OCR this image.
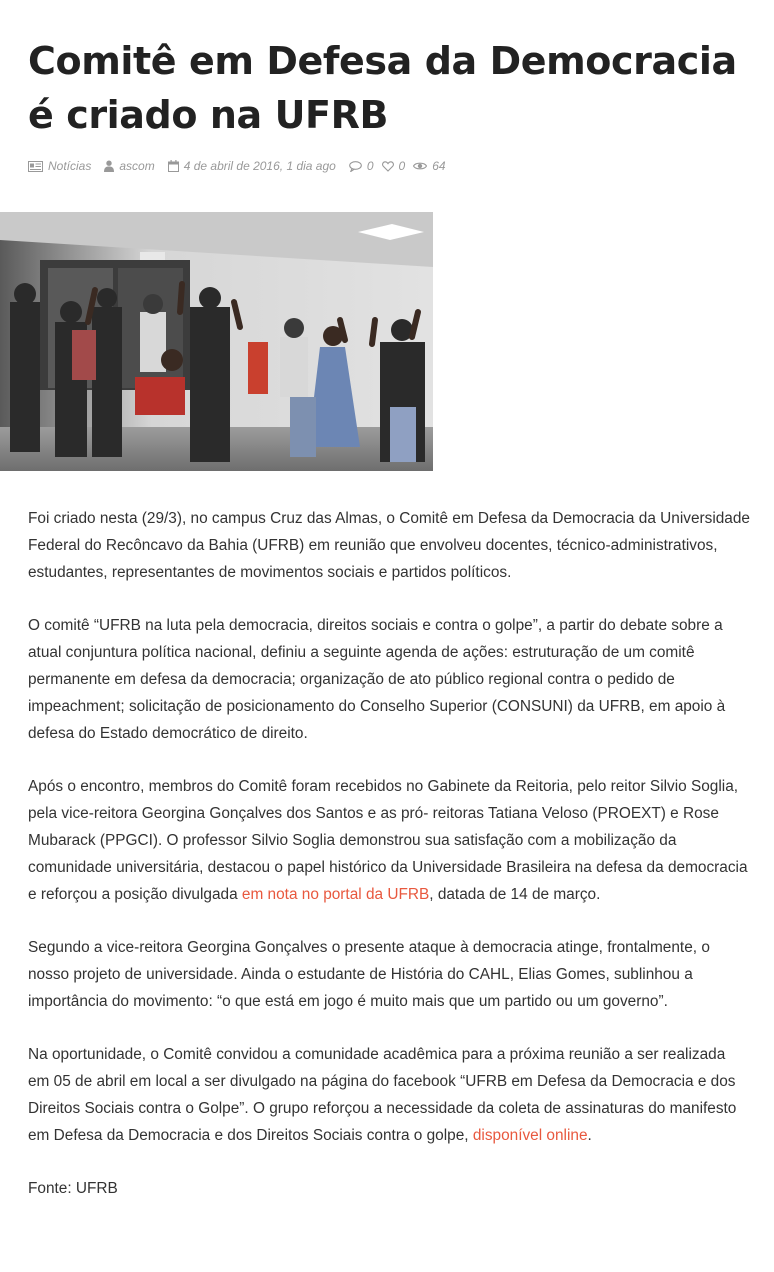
Comitê em Defesa da Democracia é criado na UFRB
Notícias ascom 4 de abril de 2016, 1 dia ago	0 0 64

Foi criado nesta (29/3), no campus Cruz das Almas, o Comitê em Defesa da Democracia da Universidade Federal do Recôncavo da Bahia (UFRB) em reunião que envolveu docentes, técnico-administrativos, estudantes, representantes de movimentos sociais e partidos políticos.

O comitê “UFRB na luta pela democracia, direitos sociais e contra o golpe”, a partir do debate sobre a atual conjuntura política nacional, definiu a seguinte agenda de ações: estruturação de um comitê permanente em defesa da democracia; organização de ato público regional contra o pedido de impeachment; solicitação de posicionamento do Conselho Superior (CONSUNI) da UFRB, em apoio à defesa do Estado democrático de direito.

Após o encontro, membros do Comitê foram recebidos no Gabinete da Reitoria, pelo reitor Silvio Soglia, pela vice-reitora Georgina Gonçalves dos Santos e as pró- reitoras Tatiana Veloso (PROEXT) e Rose Mubarack (PPGCI). O professor Silvio Soglia demonstrou sua satisfação com a mobilização da comunidade universitária, destacou o papel histórico da Universidade Brasileira na defesa da democracia e reforçou a posição divulgada em nota no portal da UFRB, datada de 14 de março.

Segundo a vice-reitora Georgina Gonçalves o presente ataque à democracia atinge, frontalmente, o nosso projeto de universidade. Ainda o estudante de História do CAHL, Elias Gomes, sublinhou a importância do movimento: “o que está em jogo é muito mais que um partido ou um governo”.

Na oportunidade, o Comitê convidou a comunidade acadêmica para a próxima reunião a ser realizada em 05 de abril em local a ser divulgado na página do facebook “UFRB em Defesa da Democracia e dos Direitos Sociais contra o Golpe”. O grupo reforçou a necessidade da coleta de assinaturas do manifesto em Defesa da Democracia e dos Direitos Sociais contra o golpe, disponível online.

Fonte: UFRB
